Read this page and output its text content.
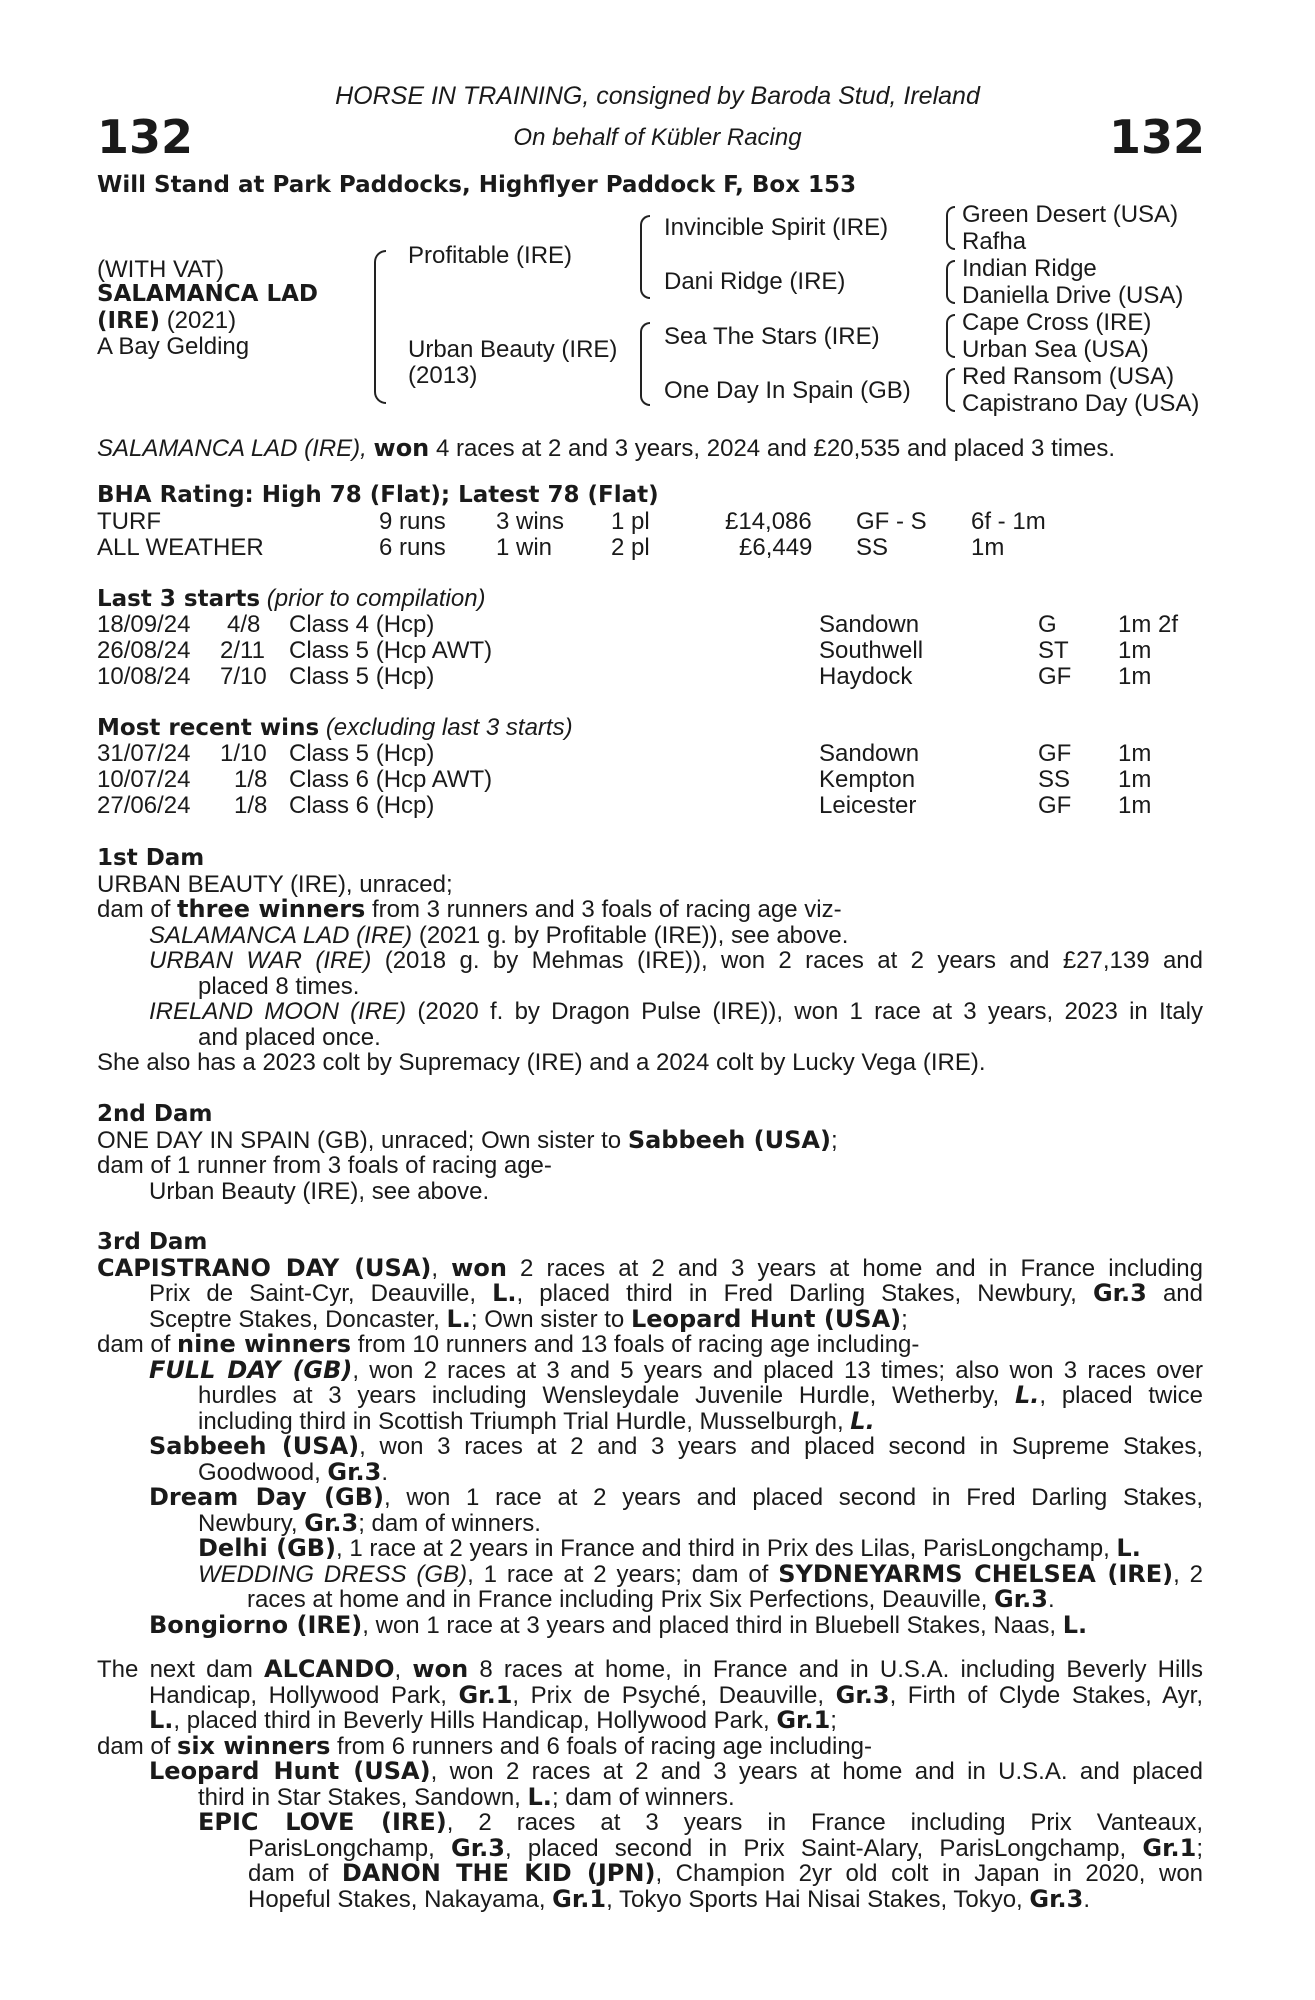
132	132
HORSE IN TRAINING, consigned by Baroda Stud, Ireland
On behalf of Kübler Racing
Will Stand at Park Paddocks, Highflyer Paddock F, Box 153
(WITH VAT)
SALAMANCA LAD
(IRE) (2021)
A Bay Gelding
Profitable (IRE)
Urban Beauty (IRE)
(2013)
Invincible Spirit (IRE)
Dani Ridge (IRE)
Sea The Stars (IRE)
One Day In Spain (GB)
Green Desert (USA)
Rafha
Indian Ridge
Daniella Drive (USA)
Cape Cross (IRE)
Urban Sea (USA)
Red Ransom (USA)
Capistrano Day (USA)
SALAMANCA LAD (IRE), won 4 races at 2 and 3 years, 2024 and £20,535 and placed 3 times.
BHA Rating: High 78 (Flat); Latest 78 (Flat)
TURF	9 runs 3 wins 1 pl	£14,086 GF - S 6f - 1m
ALL WEATHER	6 runs 1 win 2 pl	£6,449 SS	1m
Last 3 starts (prior to compilation)
18/09/24 4/8 Class 4 (Hcp)	Sandown	G	1m 2f
26/08/24 2/11 Class 5 (Hcp AWT)	Southwell	ST 1m
10/08/24 7/10 Class 5 (Hcp)	Haydock	GF 1m
Most recent wins (excluding last 3 starts)
31/07/24 1/10 Class 5 (Hcp)	Sandown	GF 1m
10/07/24 1/8 Class 6 (Hcp AWT)	Kempton	SS 1m
27/06/24 1/8 Class 6 (Hcp)	Leicester	GF 1m
1st Dam
URBAN BEAUTY (IRE), unraced;
dam of three winners from 3 runners and 3 foals of racing age viz-
SALAMANCA LAD (IRE) (2021 g. by Profitable (IRE)), see above.
URBAN WAR (IRE) (2018 g. by Mehmas (IRE)), won 2 races at 2 years and £27,139 and
placed 8 times.
IRELAND MOON (IRE) (2020 f. by Dragon Pulse (IRE)), won 1 race at 3 years, 2023 in Italy
and placed once.
She also has a 2023 colt by Supremacy (IRE) and a 2024 colt by Lucky Vega (IRE).
2nd Dam
ONE DAY IN SPAIN (GB), unraced; Own sister to Sabbeeh (USA);
dam of 1 runner from 3 foals of racing age-
Urban Beauty (IRE), see above.
3rd Dam
CAPISTRANO DAY (USA), won 2 races at 2 and 3 years at home and in France including
Prix de Saint-Cyr, Deauville, L., placed third in Fred Darling Stakes, Newbury, Gr.3 and
Sceptre Stakes, Doncaster, L.; Own sister to Leopard Hunt (USA);
dam of nine winners from 10 runners and 13 foals of racing age including-
FULL DAY (GB), won 2 races at 3 and 5 years and placed 13 times; also won 3 races over
hurdles at 3 years including Wensleydale Juvenile Hurdle, Wetherby, L., placed twice
including third in Scottish Triumph Trial Hurdle, Musselburgh, L.
Sabbeeh (USA), won 3 races at 2 and 3 years and placed second in Supreme Stakes,
Goodwood, Gr.3.
Dream Day (GB), won 1 race at 2 years and placed second in Fred Darling Stakes,
Newbury, Gr.3; dam of winners.
Delhi (GB), 1 race at 2 years in France and third in Prix des Lilas, ParisLongchamp, L.
WEDDING DRESS (GB), 1 race at 2 years; dam of SYDNEYARMS CHELSEA (IRE), 2
races at home and in France including Prix Six Perfections, Deauville, Gr.3.
Bongiorno (IRE), won 1 race at 3 years and placed third in Bluebell Stakes, Naas, L.
The next dam ALCANDO, won 8 races at home, in France and in U.S.A. including Beverly Hills
Handicap, Hollywood Park, Gr.1, Prix de Psyché, Deauville, Gr.3, Firth of Clyde Stakes, Ayr,
L., placed third in Beverly Hills Handicap, Hollywood Park, Gr.1;
dam of six winners from 6 runners and 6 foals of racing age including-
Leopard Hunt (USA), won 2 races at 2 and 3 years at home and in U.S.A. and placed
third in Star Stakes, Sandown, L.; dam of winners.
EPIC LOVE (IRE), 2 races at 3 years in France including Prix Vanteaux,
ParisLongchamp, Gr.3, placed second in Prix Saint-Alary, ParisLongchamp, Gr.1;
dam of DANON THE KID (JPN), Champion 2yr old colt in Japan in 2020, won
Hopeful Stakes, Nakayama, Gr.1, Tokyo Sports Hai Nisai Stakes, Tokyo, Gr.3.
